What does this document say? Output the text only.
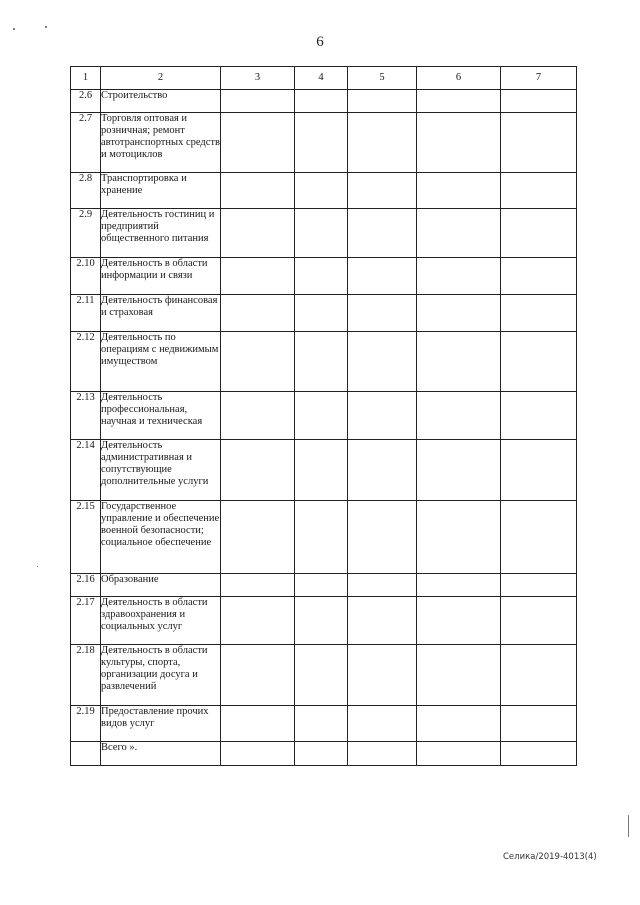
6
1	2	3	4	5	6	7
2.6	Строительство					
2.7	Торговля оптовая и розничная; ремонт автотранспортных средств и мотоциклов					
2.8	Транспортировка и хранение					
2.9	Деятельность гостиниц и предприятий общественного питания					
2.10	Деятельность в области информации и связи					
2.11	Деятельность финансовая и страховая					
2.12	Деятельность по операциям с недвижимым имуществом					
2.13	Деятельность профессиональная, научная и техническая					
2.14	Деятельность административная и сопутствующие дополнительные услуги					
2.15	Государственное управление и обеспечение военной безопасности; социальное обеспечение					
2.16	Образование					
2.17	Деятельность в области здравоохранения и социальных услуг					
2.18	Деятельность в области культуры, спорта, организации досуга и развлечений					
2.19	Предоставление прочих видов услуг					
	Всего ».					
Селика/2019-4013(4)
